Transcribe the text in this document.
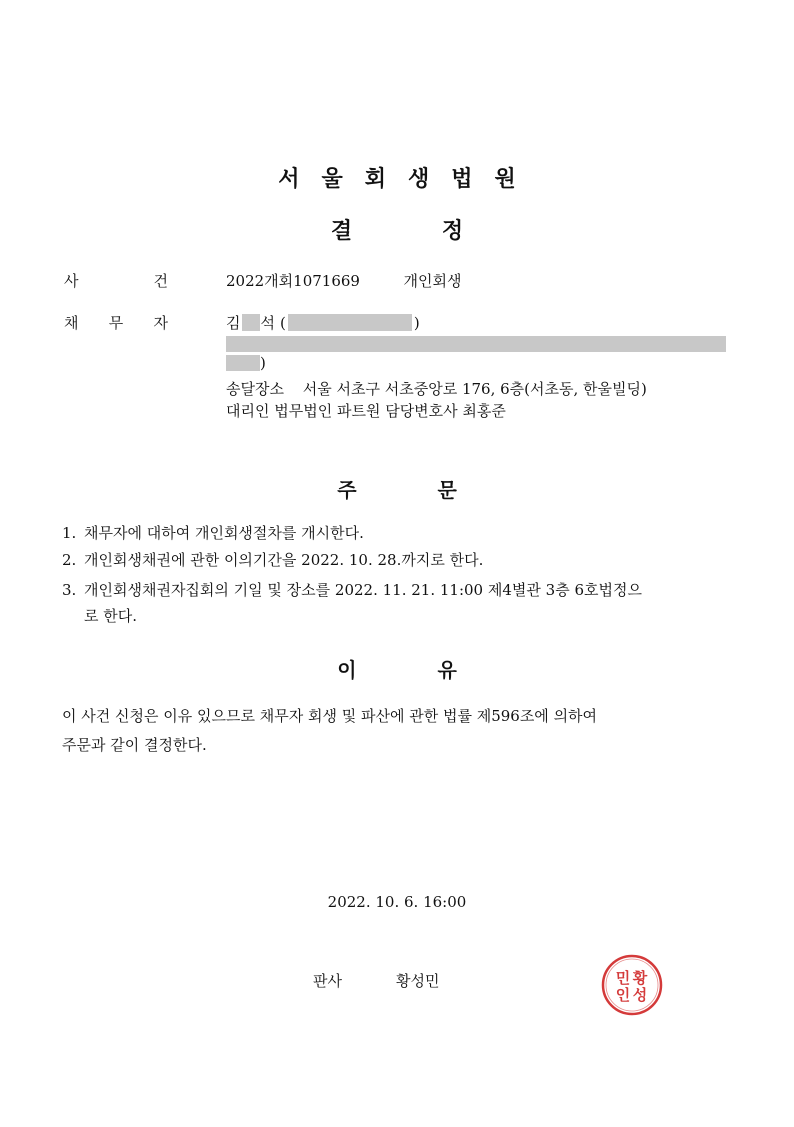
서울회생법원
결 정
사	건	2022개회1071669	개인회생
채 무 자	김 석 (	)
)
송달장소 서울 서초구 서초중앙로 176, 6층(서초동, 한울빌딩)
대리인 법무법인 파트원 담당변호사 최홍준
주 문
1. 채무자에 대하여 개인회생절차를 개시한다.
2. 개인회생채권에 관한 이의기간을 2022. 10. 28.까지로 한다.
3. 개인회생채권자집회의 기일 및 장소를 2022. 11. 21. 11:00 제4별관 3층 6호법정으
로 한다.
이 유
이 사건 신청은 이유 있으므로 채무자 회생 및 파산에 관한 법률 제596조에 의하여
주문과 같이 결정한다.
2022. 10. 6. 16:00
판사	황성민	황
성
민
인
